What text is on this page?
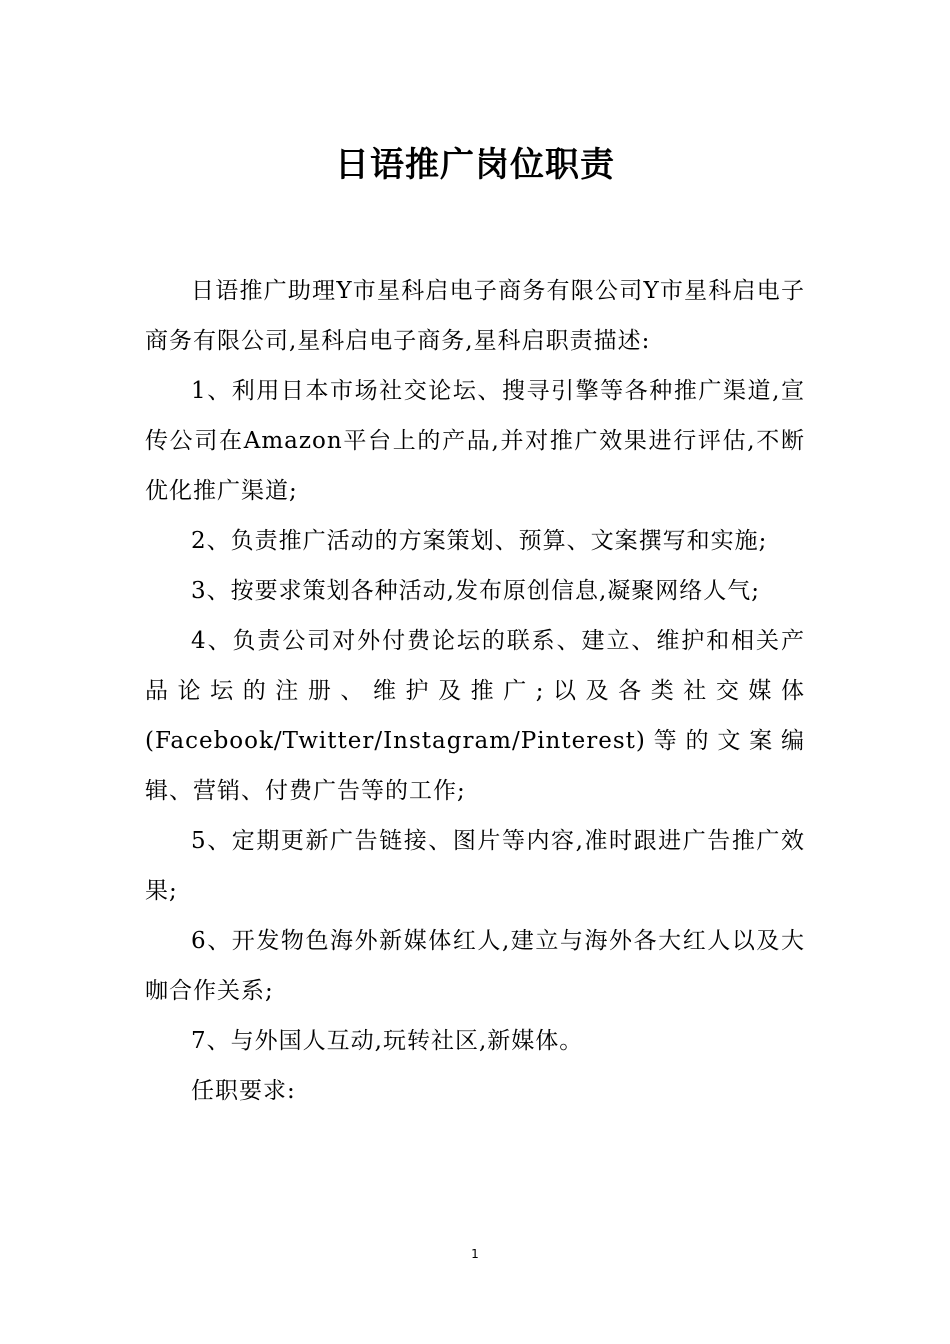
日语推广岗位职责

日语推广助理Y市星科启电子商务有限公司Y市星科启电子商务有限公司,星科启电子商务,星科启职责描述:

1、利用日本市场社交论坛、搜寻引擎等各种推广渠道,宣传公司在Amazon平台上的产品,并对推广效果进行评估,不断优化推广渠道;

2、负责推广活动的方案策划、预算、文案撰写和实施;

3、按要求策划各种活动,发布原创信息,凝聚网络人气;

4、负责公司对外付费论坛的联系、建立、维护和相关产品论坛的注册、维护及推广;以及各类社交媒体(Facebook/Twitter/Instagram/Pinterest)等的文案编辑、营销、付费广告等的工作;

5、定期更新广告链接、图片等内容,准时跟进广告推广效果;

6、开发物色海外新媒体红人,建立与海外各大红人以及大咖合作关系;

7、与外国人互动,玩转社区,新媒体。

任职要求:

1
